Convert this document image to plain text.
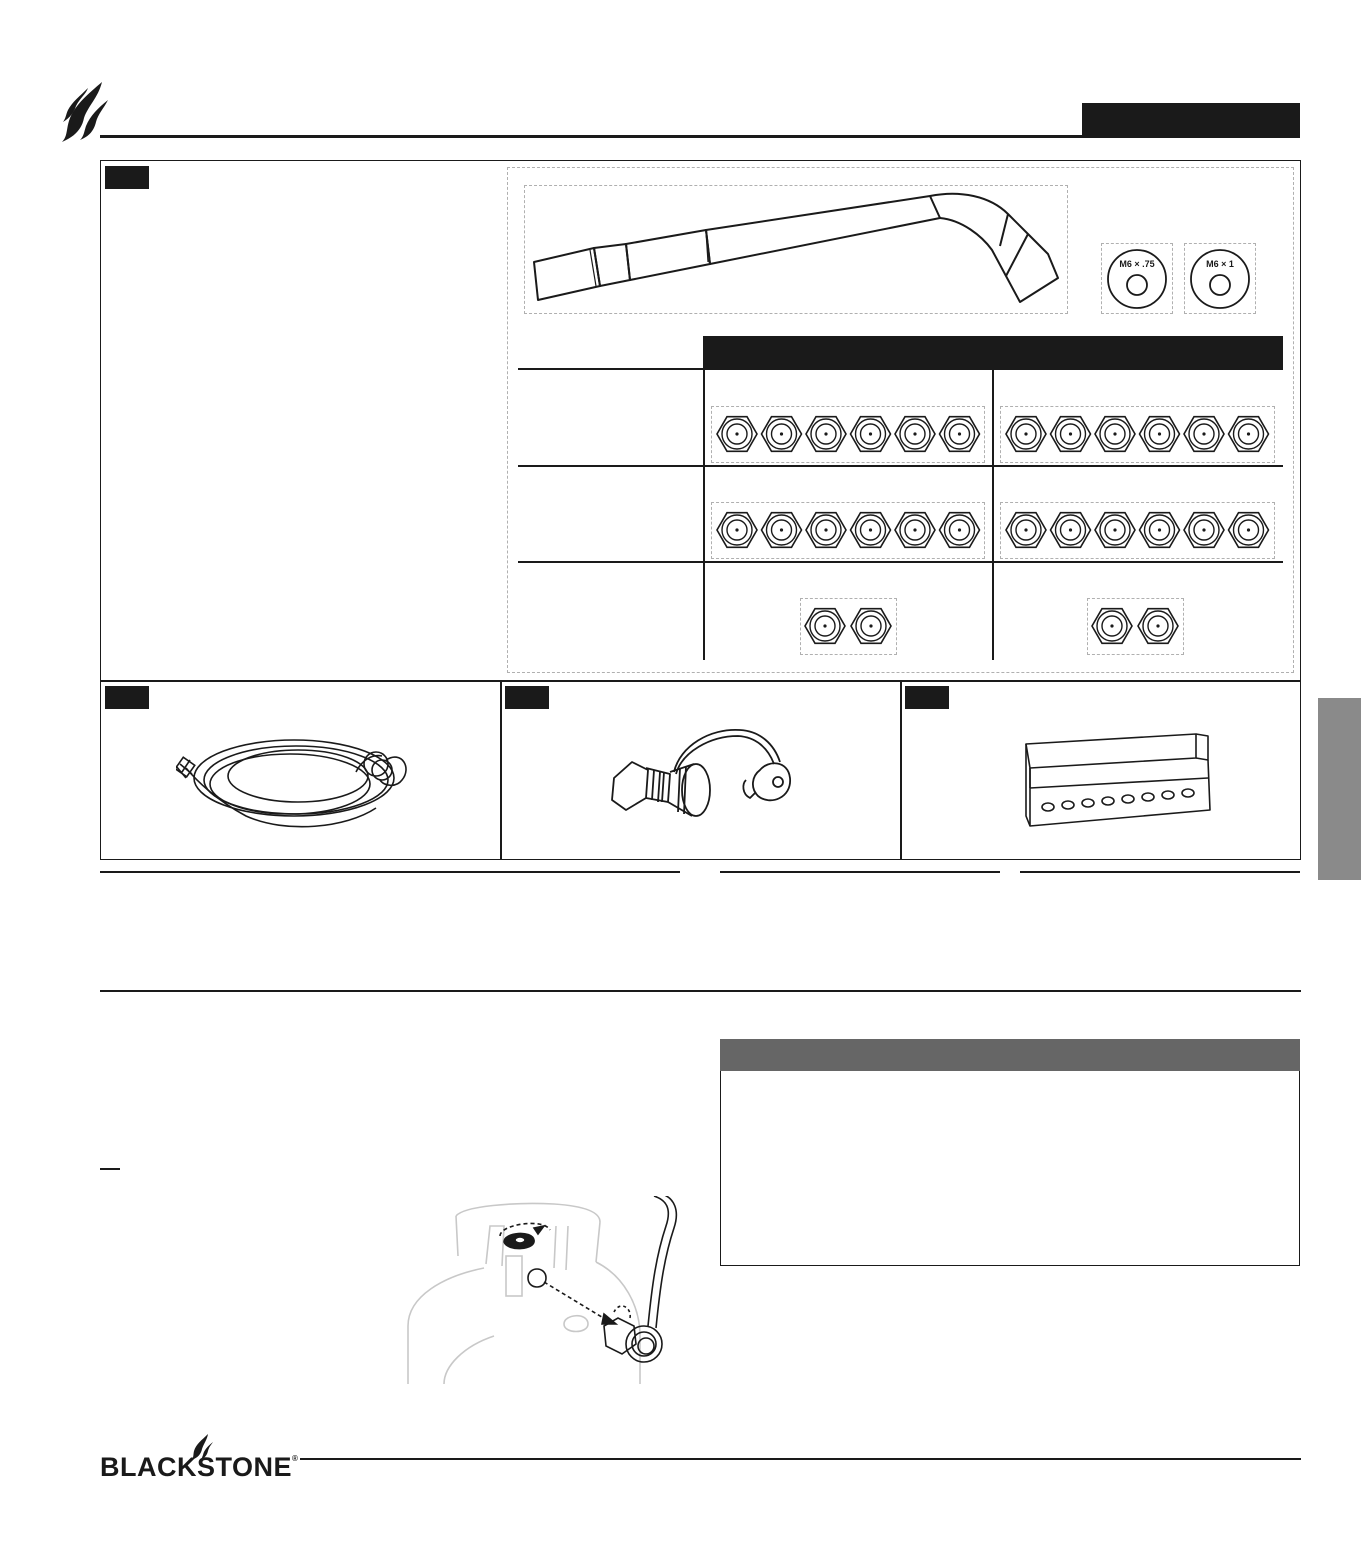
M6 × .75	M6 × 1
BLACKSTONE®
